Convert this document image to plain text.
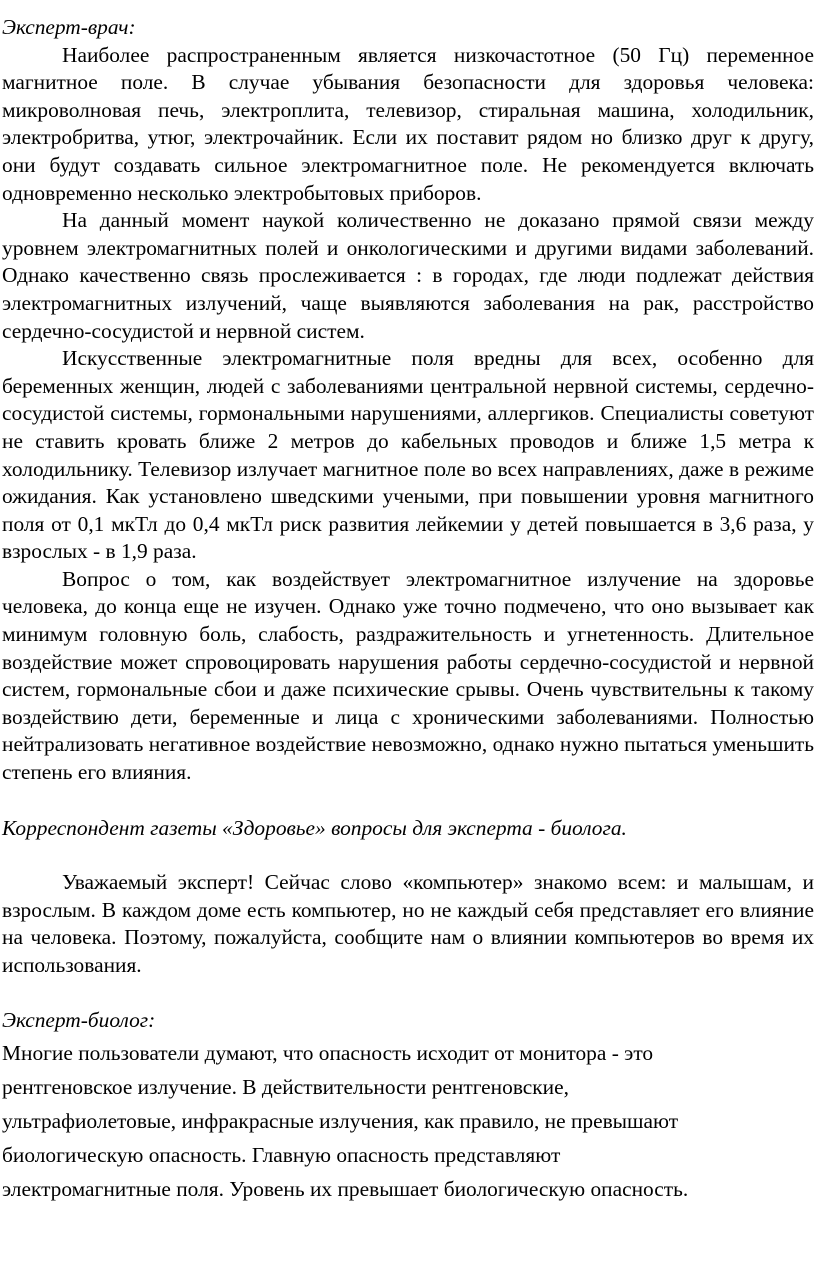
Эксперт-врач:

Наиболее распространенным является низкочастотное (50 Гц) переменное магнитное поле. В случае убывания безопасности для здоровья человека: микроволновая печь, электроплита, телевизор, стиральная машина, холодильник, электробритва, утюг, электрочайник. Если их поставит рядом но близко друг к другу, они будут создавать сильное электромагнитное поле. Не рекомендуется включать одновременно несколько электробытовых приборов.

На данный момент наукой количественно не доказано прямой связи между уровнем электромагнитных полей и онкологическими и другими видами заболеваний. Однако качественно связь прослеживается : в городах, где люди подлежат действия электромагнитных излучений, чаще выявляются заболевания на рак, расстройство сердечно-сосудистой и нервной систем.

Искусственные электромагнитные поля вредны для всех, особенно для беременных женщин, людей с заболеваниями центральной нервной системы, сердечно-сосудистой системы, гормональными нарушениями, аллергиков. Специалисты советуют не ставить кровать ближе 2 метров до кабельных проводов и ближе 1,5 метра к холодильнику. Телевизор излучает магнитное поле во всех направлениях, даже в режиме ожидания. Как установлено шведскими учеными, при повышении уровня магнитного поля от 0,1 мкТл до 0,4 мкТл риск развития лейкемии у детей повышается в 3,6 раза, у взрослых - в 1,9 раза.

Вопрос о том, как воздействует электромагнитное излучение на здоровье человека, до конца еще не изучен. Однако уже точно подмечено, что оно вызывает как минимум головную боль, слабость, раздражительность и угнетенность. Длительное воздействие может спровоцировать нарушения работы сердечно-сосудистой и нервной систем, гормональные сбои и даже психические срывы. Очень чувствительны к такому воздействию дети, беременные и лица с хроническими заболеваниями. Полностью нейтрализовать негативное воздействие невозможно, однако нужно пытаться уменьшить степень его влияния.

Корреспондент газеты «Здоровье» вопросы для эксперта - биолога.

Уважаемый эксперт! Сейчас слово «компьютер» знакомо всем: и малышам, и взрослым. В каждом доме есть компьютер, но не каждый себя представляет его влияние на человека. Поэтому, пожалуйста, сообщите нам о влиянии компьютеров во время их использования.

Эксперт-биолог:

Многие пользователи думают, что опасность исходит от монитора - это
рентгеновское излучение. В действительности рентгеновские,
ультрафиолетовые, инфракрасные излучения, как правило, не превышают
биологическую опасность. Главную опасность представляют
электромагнитные поля. Уровень их превышает биологическую опасность.
